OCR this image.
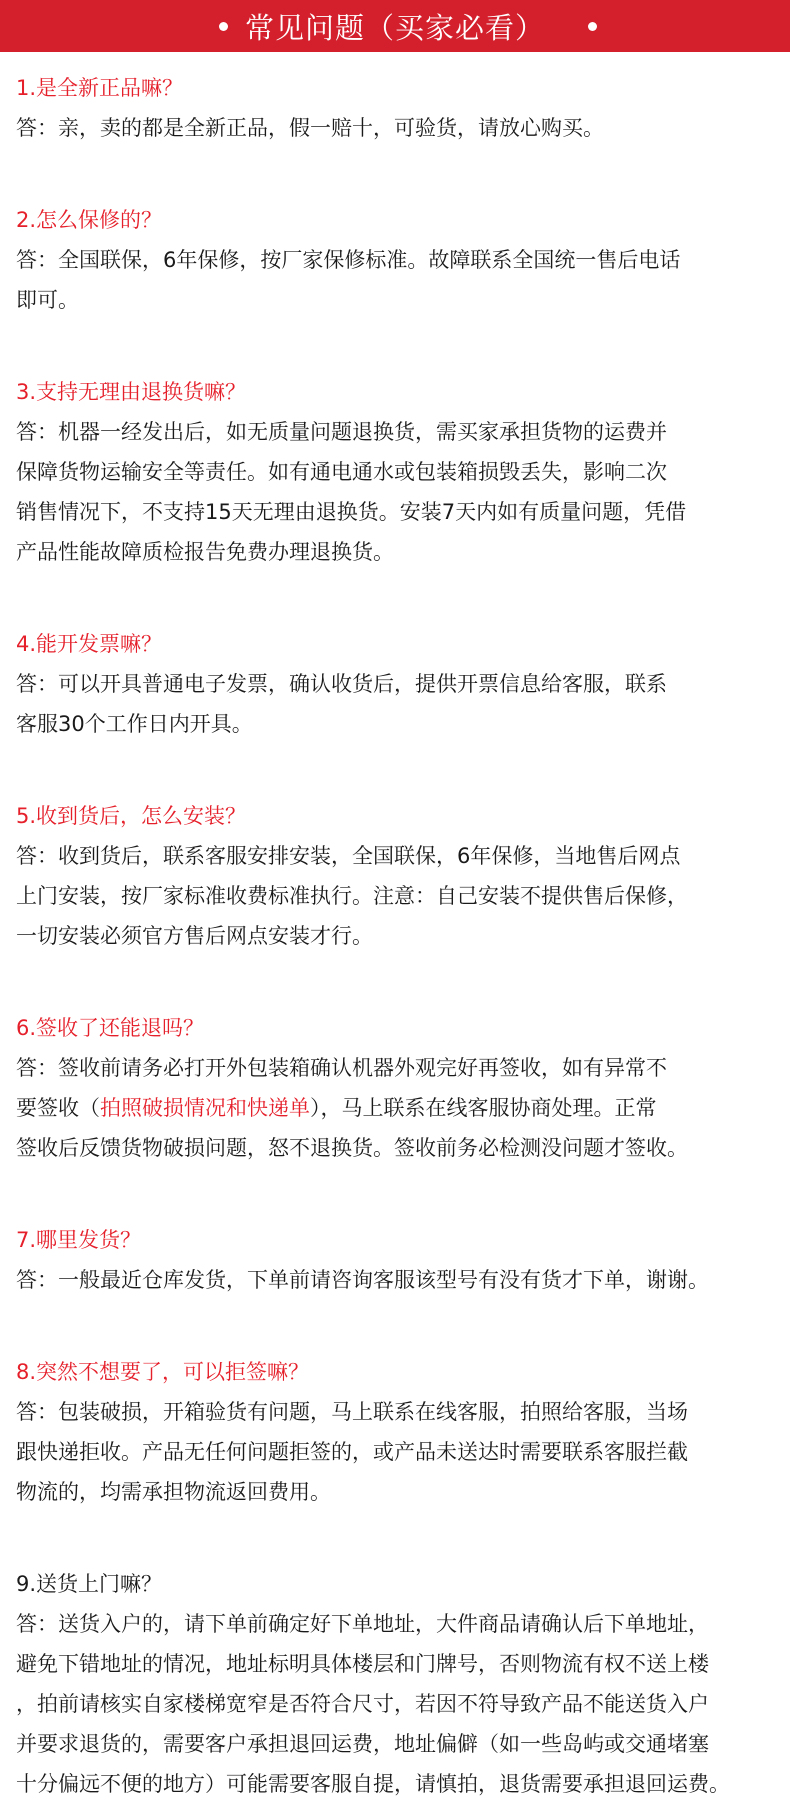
常见问题（买家必看）

1.是全新正品嘛？

答：亲，卖的都是全新正品，假一赔十，可验货，请放心购买。

2.怎么保修的？

答：全国联保，6年保修，按厂家保修标准。故障联系全国统一售后电话
即可。

3.支持无理由退换货嘛？

答：机器一经发出后，如无质量问题退换货，需买家承担货物的运费并
保障货物运输安全等责任。如有通电通水或包装箱损毁丢失，影响二次
销售情况下，不支持15天无理由退换货。安装7天内如有质量问题，凭借
产品性能故障质检报告免费办理退换货。

4.能开发票嘛？

答：可以开具普通电子发票，确认收货后，提供开票信息给客服，联系
客服30个工作日内开具。

5.收到货后，怎么安装？

答：收到货后，联系客服安排安装，全国联保，6年保修，当地售后网点
上门安装，按厂家标准收费标准执行。注意：自己安装不提供售后保修，
一切安装必须官方售后网点安装才行。

6.签收了还能退吗？

答：签收前请务必打开外包装箱确认机器外观完好再签收，如有异常不
要签收（拍照破损情况和快递单），马上联系在线客服协商处理。正常
签收后反馈货物破损问题，怒不退换货。签收前务必检测没问题才签收。

7.哪里发货？

答：一般最近仓库发货，下单前请咨询客服该型号有没有货才下单，谢谢。

8.突然不想要了，可以拒签嘛？

答：包装破损，开箱验货有问题，马上联系在线客服，拍照给客服，当场
跟快递拒收。产品无任何问题拒签的，或产品未送达时需要联系客服拦截
物流的，均需承担物流返回费用。

9.送货上门嘛？

答：送货入户的，请下单前确定好下单地址，大件商品请确认后下单地址，
避免下错地址的情况，地址标明具体楼层和门牌号，否则物流有权不送上楼
，拍前请核实自家楼梯宽窄是否符合尺寸，若因不符导致产品不能送货入户
并要求退货的，需要客户承担退回运费，地址偏僻（如一些岛屿或交通堵塞
十分偏远不便的地方）可能需要客服自提，请慎拍，退货需要承担退回运费。
